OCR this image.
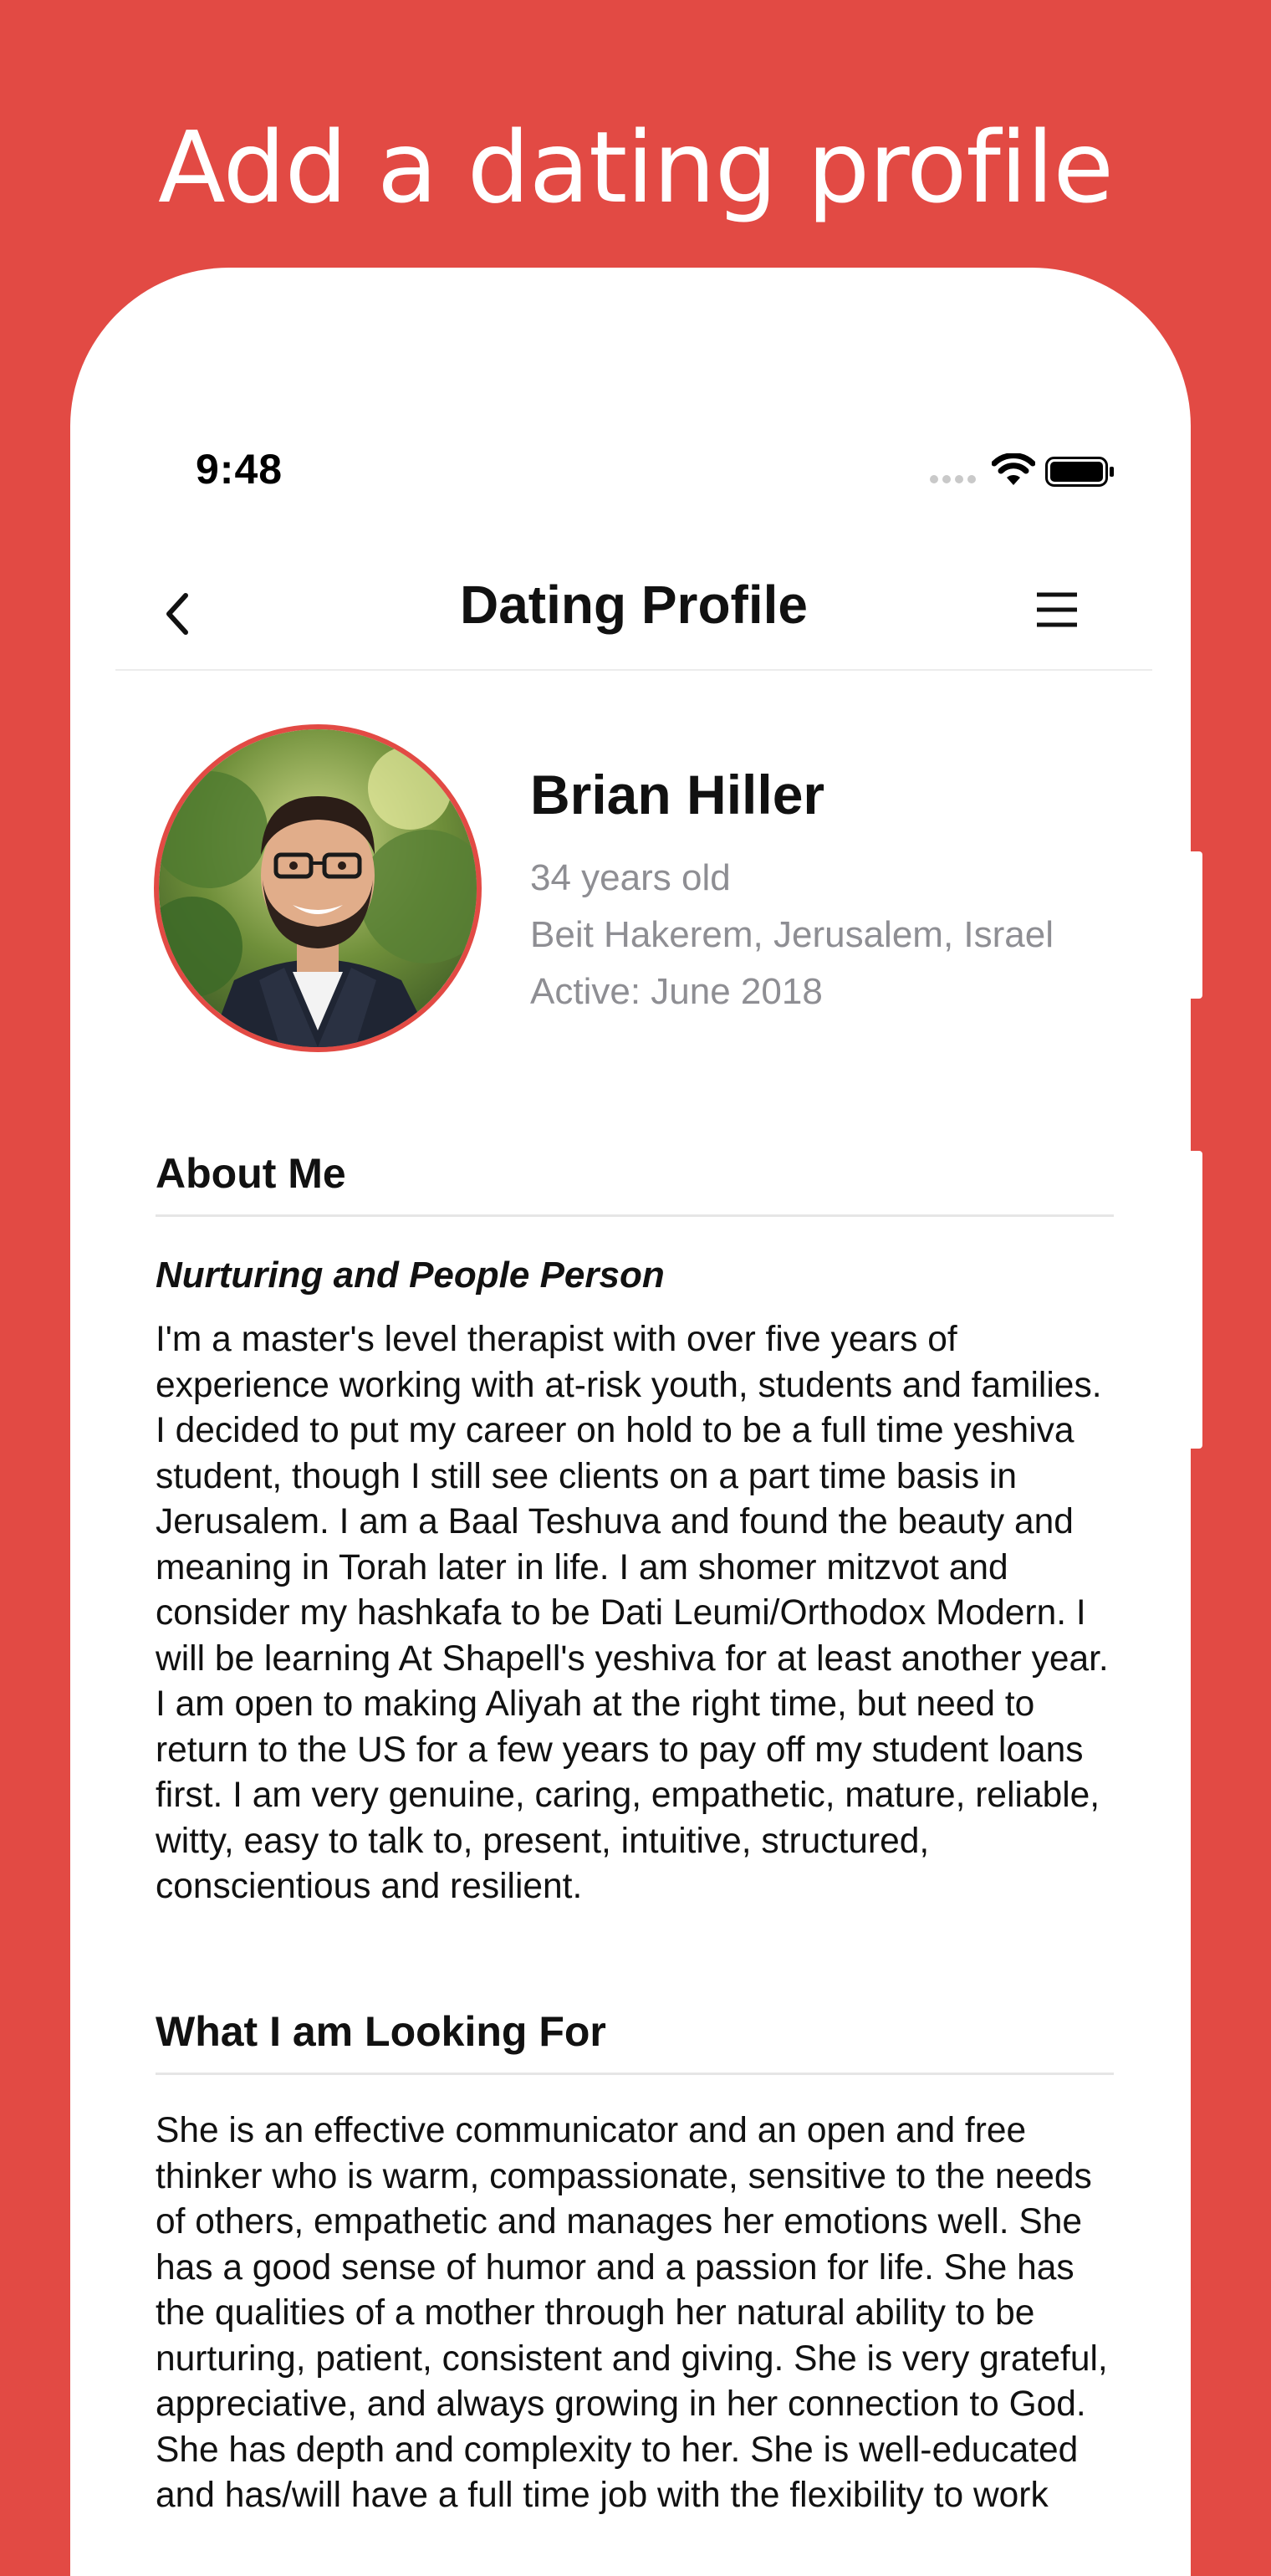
Add a dating profile
9:48
Dating Profile
Brian Hiller
34 years old
Beit Hakerem, Jerusalem, Israel
Active: June 2018
About Me
Nurturing and People Person
I'm a master's level therapist with over five years of experience working with at-risk youth, students and families. I decided to put my career on hold to be a full time yeshiva student, though I still see clients on a part time basis in Jerusalem. I am a Baal Teshuva and found the beauty and meaning in Torah later in life. I am shomer mitzvot and consider my hashkafa to be Dati Leumi/Orthodox Modern. I will be learning At Shapell's yeshiva for at least another year. I am open to making Aliyah at the right time, but need to return to the US for a few years to pay off my student loans first. I am very genuine, caring, empathetic, mature, reliable, witty, easy to talk to, present, intuitive, structured, conscientious and resilient.
What I am Looking For
She is an effective communicator and an open and free thinker who is warm, compassionate, sensitive to the needs of others, empathetic and manages her emotions well. She has a good sense of humor and a passion for life. She has the qualities of a mother through her natural ability to be nurturing, patient, consistent and giving. She is very grateful, appreciative, and always growing in her connection to God. She has depth and complexity to her. She is well-educated and has/will have a full time job with the flexibility to work
